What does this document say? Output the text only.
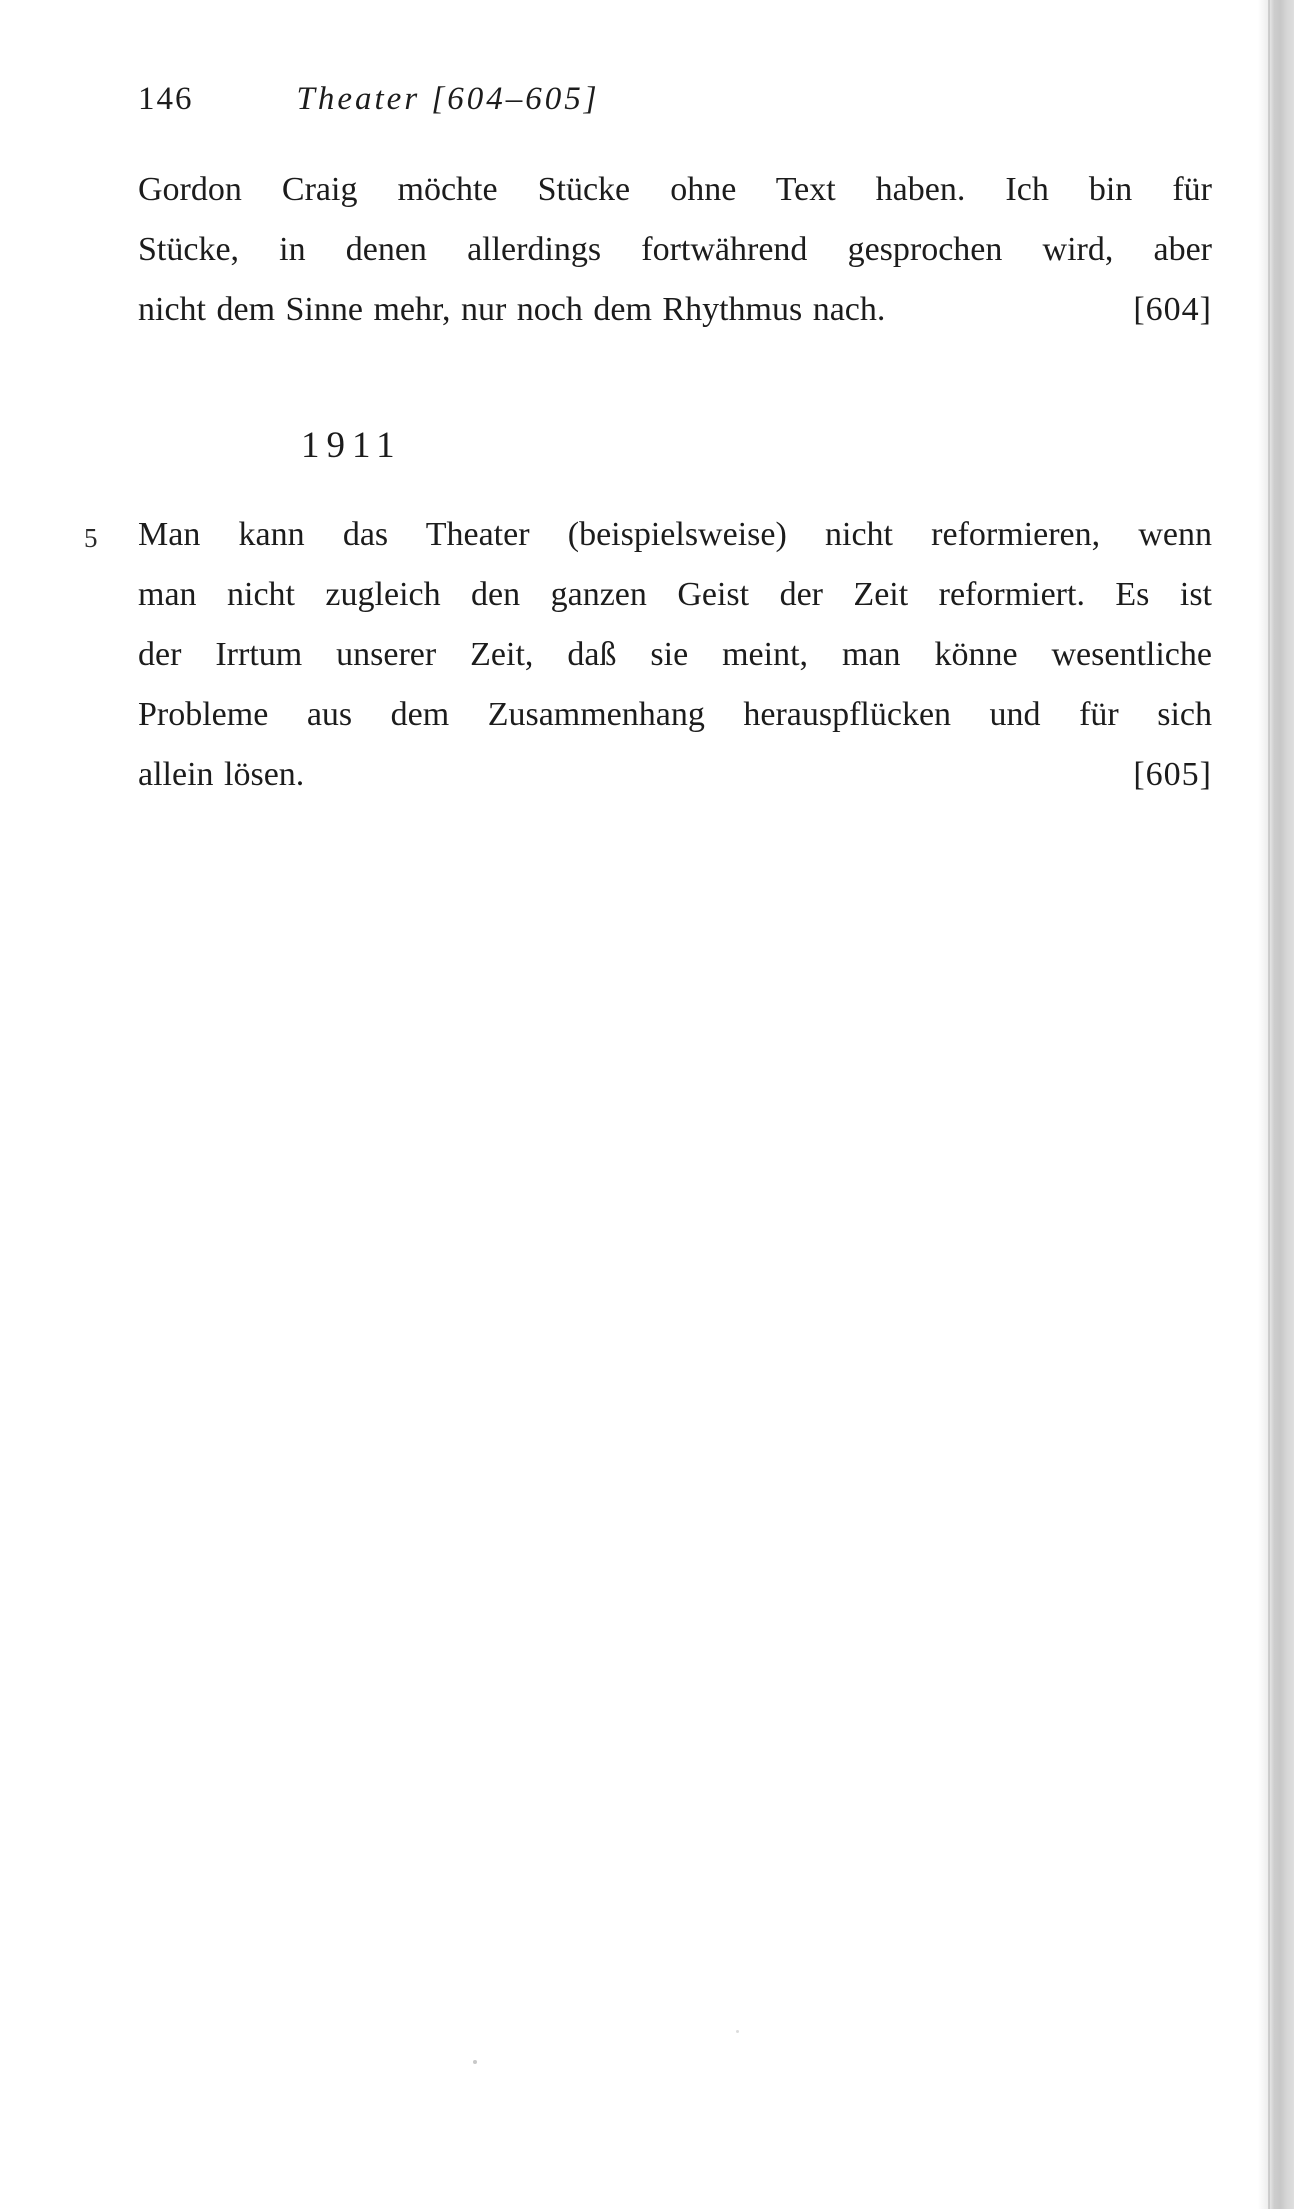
146	Theater [604–605]
Gordon Craig möchte Stücke ohne Text haben. Ich bin für
Stücke, in denen allerdings fortwährend gesprochen wird, aber
nicht dem Sinne mehr, nur noch dem Rhythmus nach.	[604]
1911
5 Man kann das Theater (beispielsweise) nicht reformieren, wenn
man nicht zugleich den ganzen Geist der Zeit reformiert. Es ist
der Irrtum unserer Zeit, daß sie meint, man könne wesentliche
Probleme aus dem Zusammenhang herauspflücken und für sich
allein lösen.	[605]
